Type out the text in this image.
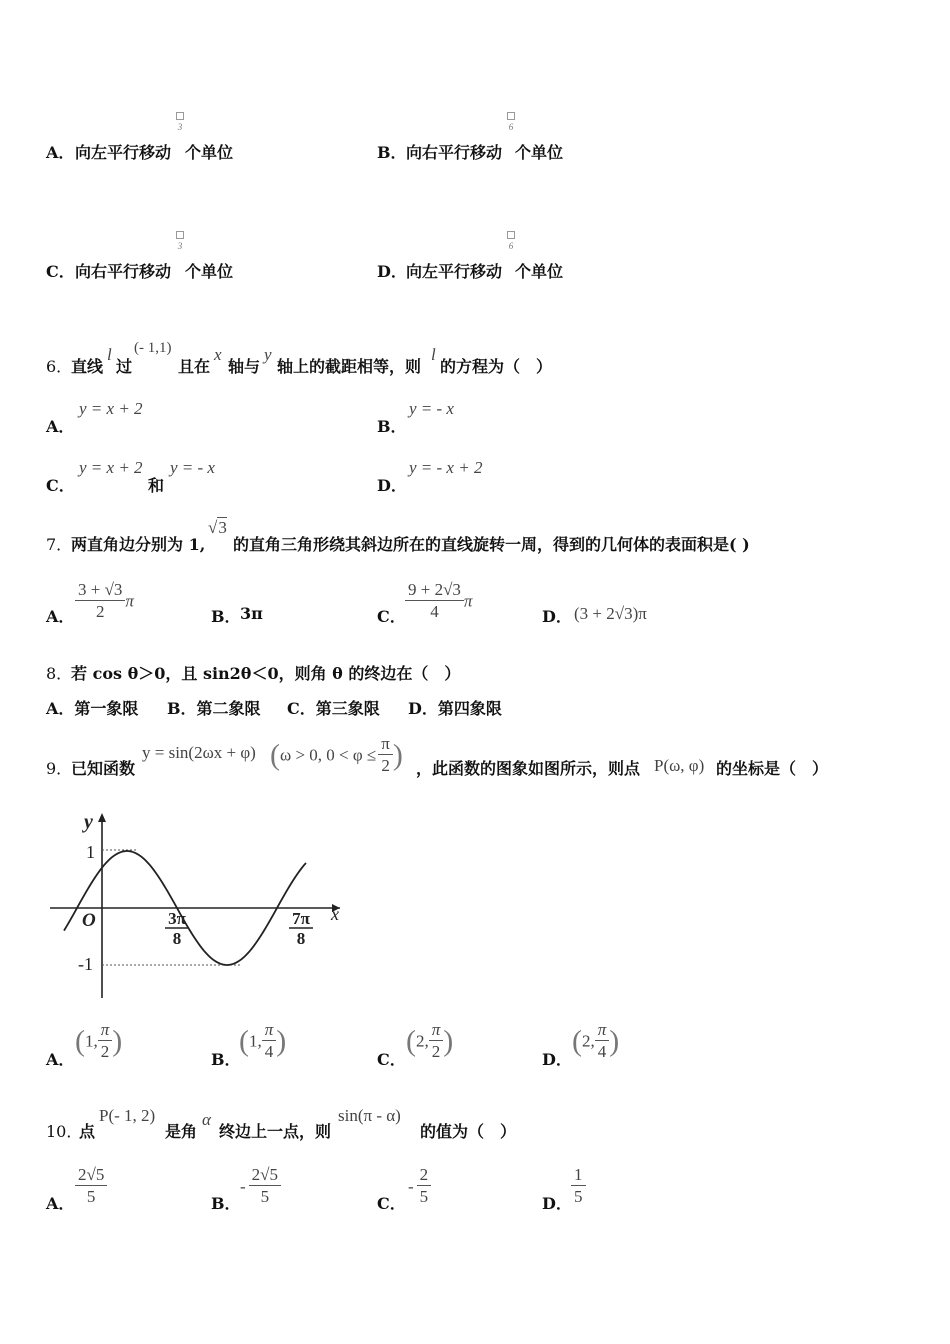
A． 向左平行移动
3
个单位	B． 向右平行移动
6
个单位
C． 向右平行移动
3
个单位	D． 向左平行移动
6
个单位
6．
直线
l
过
(- 1,1)
且在
x
轴与
y
轴上的截距相等，则
l
的方程为（　）
A．
y = x + 2
B．
y = - x
C．
y = x + 2
和
y = - x
D．
y = - x + 2
7．
两直角边分别为 1,
√3
的直角三角形绕其斜边所在的直线旋转一周，得到的几何体的表面积是( )
A． $\frac{3 + √3}{2}$ π
B． 3π	C． $\frac{9 + 2√3}{4}$ π
D． (3 + 2√3)π
8．
若 cos θ＞0，且 sin2θ＜0，则角 θ 的终边在（　）
A．第一象限 B．第二象限 C．第三象限 D．第四象限
9．
已知函数
y = sin(2ωx + φ) (ω > 0, $0 < \varphi \le \frac{\pi}{2}$ ) ，此函数的图象如图所示，则点 P(ω, φ) 的坐标是（　）
y
x
O
1
-1
3π
8
7π
8
A．
(1, $\frac{\pi}{2}$ )
B．
(1, $\frac{\pi}{4}$ )
C．
(2, $\frac{\pi}{2}$ )
D．
(2, $\frac{\pi}{4}$ )
10．
点
P(- 1, 2)
是角
α
终边上一点，则
sin(π - α)
的值为（　）
A． $\frac{2√5}{5}$	B．
- $\frac{2√5}{5}$	C．
- $\frac{2}{5}$	D． $\frac{1}{5}$
